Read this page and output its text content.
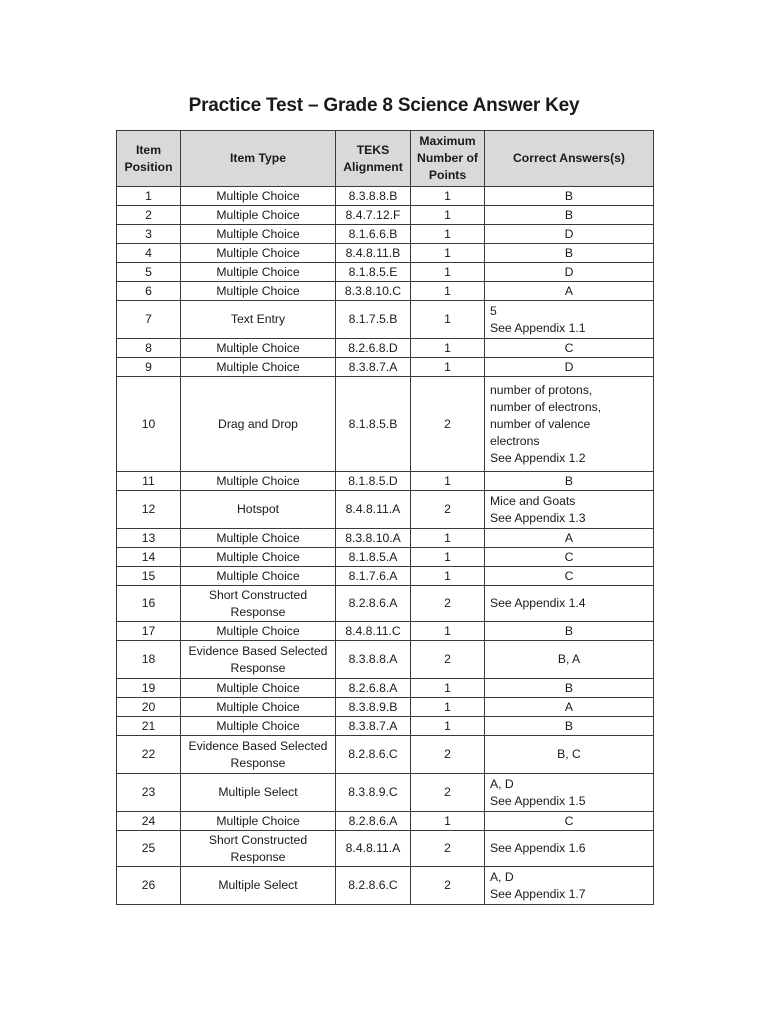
Practice Test – Grade 8 Science Answer Key
Item Position	Item Type	TEKS Alignment	Maximum Number of Points	Correct Answers(s)
1	Multiple Choice	8.3.8.8.B	1	B

2	Multiple Choice	8.4.7.12.F	1	B

3	Multiple Choice	8.1.6.6.B	1	D

4	Multiple Choice	8.4.8.11.B	1	B

5	Multiple Choice	8.1.8.5.E	1	D

6	Multiple Choice	8.3.8.10.C	1	A

7	Text Entry	8.1.7.5.B	1	5
See Appendix 1.1

8	Multiple Choice	8.2.6.8.D	1	C

9	Multiple Choice	8.3.8.7.A	1	D

10	Drag and Drop	8.1.8.5.B	2	number of protons,
number of electrons,
number of valence
electrons
See Appendix 1.2

11	Multiple Choice	8.1.8.5.D	1	B

12	Hotspot	8.4.8.11.A	2	Mice and Goats
See Appendix 1.3

13	Multiple Choice	8.3.8.10.A	1	A

14	Multiple Choice	8.1.8.5.A	1	C

15	Multiple Choice	8.1.7.6.A	1	C

16	Short Constructed
Response	8.2.8.6.A	2	See Appendix 1.4

17	Multiple Choice	8.4.8.11.C	1	B

18	Evidence Based Selected
Response	8.3.8.8.A	2	B, A

19	Multiple Choice	8.2.6.8.A	1	B

20	Multiple Choice	8.3.8.9.B	1	A

21	Multiple Choice	8.3.8.7.A	1	B

22	Evidence Based Selected
Response	8.2.8.6.C	2	B, C

23	Multiple Select	8.3.8.9.C	2	A, D
See Appendix 1.5

24	Multiple Choice	8.2.8.6.A	1	C

25	Short Constructed
Response	8.4.8.11.A	2	See Appendix 1.6

26	Multiple Select	8.2.8.6.C	2	A, D
See Appendix 1.7
